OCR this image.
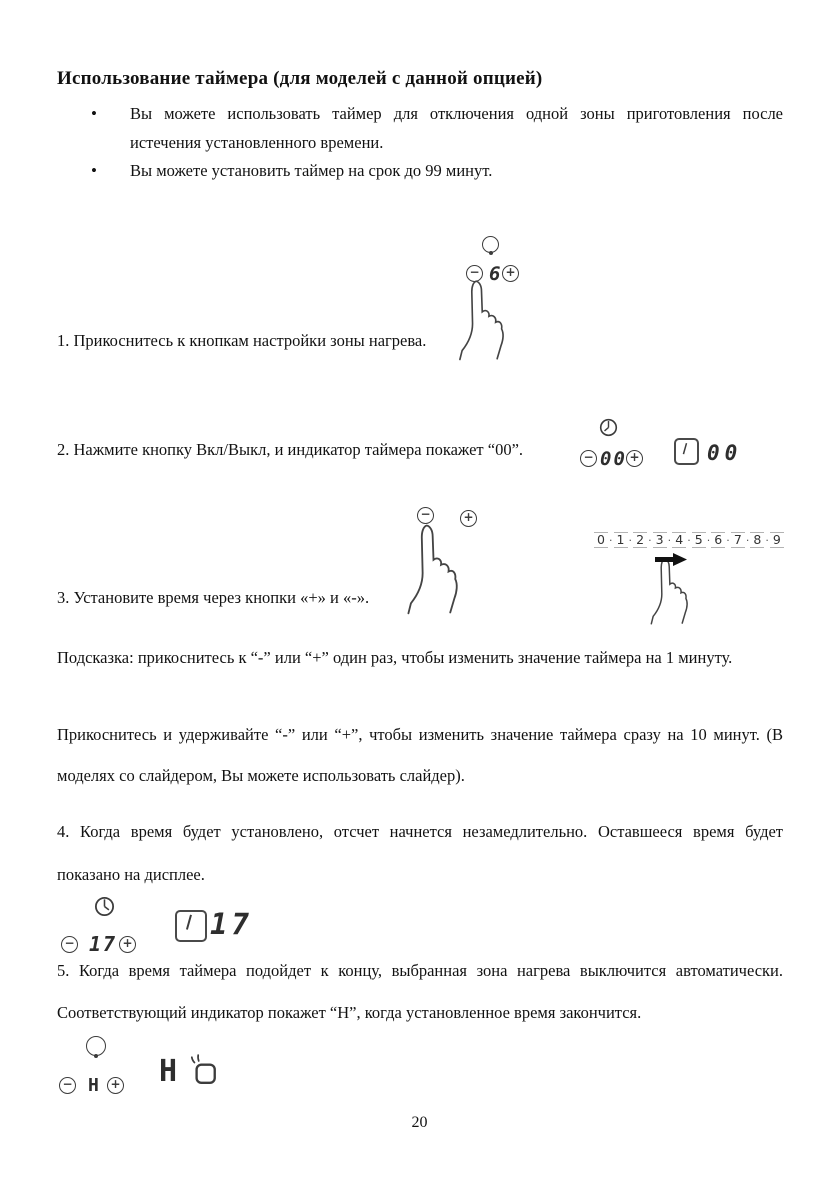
Использование таймера (для моделей с данной опцией)
• Вы можете использовать таймер для отключения одной зоны приготовления после истечения установленного времени.
• Вы можете установить таймер на срок до 99 минут.
1. Прикоснитесь к кнопкам настройки зоны нагрева.
2. Нажмите кнопку Вкл/Выкл, и индикатор таймера покажет “00”.
3. Установите время через кнопки «+» и «-».
Подсказка: прикоснитесь к “-” или “+” один раз, чтобы изменить значение таймера на 1 минуту.
Прикоснитесь и удерживайте “-” или “+”, чтобы изменить значение таймера сразу на 10 минут. (В моделях со слайдером, Вы можете использовать слайдер).
4. Когда время будет установлено, отсчет начнется незамедлительно. Оставшееся время будет показано на дисплее.
5. Когда время таймера подойдет к концу, выбранная зона нагрева выключится автоматически. Соответствующий индикатор покажет “Н”, когда установленное время закончится.
20
− 6 +
− 00 +	00
−	+
0 · 1 · 2 · 3 · 4 · 5 · 6 · 7 · 8 · 9
− 17 +
17
− H + H
